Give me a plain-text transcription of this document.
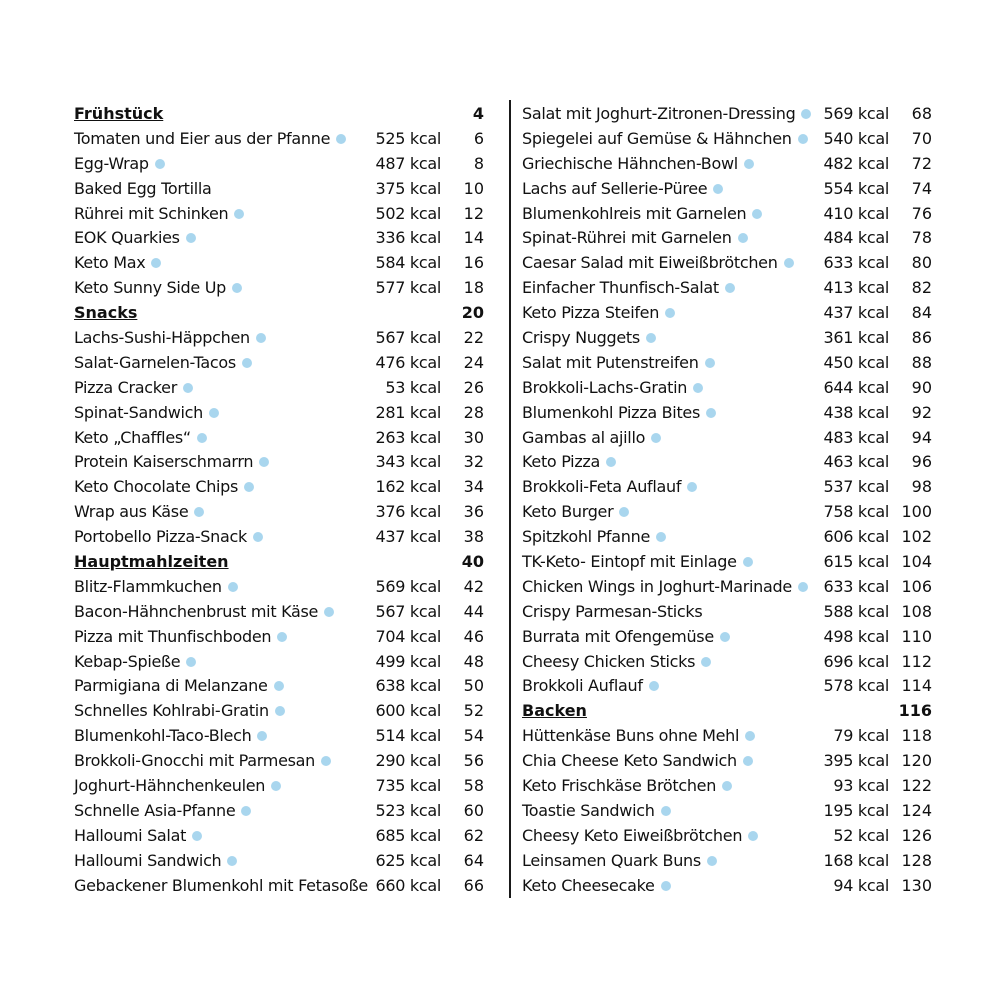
Frühstück	4
Tomaten und Eier aus der Pfanne	525 kcal 6
Egg-Wrap	487 kcal 8
Baked Egg Tortilla	375 kcal 10
Rührei mit Schinken	502 kcal 12
EOK Quarkies	336 kcal 14
Keto Max	584 kcal 16
Keto Sunny Side Up	577 kcal 18
Snacks	20
Lachs-Sushi-Häppchen	567 kcal 22
Salat-Garnelen-Tacos	476 kcal 24
Pizza Cracker	53 kcal 26
Spinat-Sandwich	281 kcal 28
Keto „Chaffles“	263 kcal 30
Protein Kaiserschmarrn	343 kcal 32
Keto Chocolate Chips	162 kcal 34
Wrap aus Käse	376 kcal 36
Portobello Pizza-Snack	437 kcal 38
Hauptmahlzeiten	40
Blitz-Flammkuchen	569 kcal 42
Bacon-Hähnchenbrust mit Käse	567 kcal 44
Pizza mit Thunfischboden	704 kcal 46
Kebap-Spieße	499 kcal 48
Parmigiana di Melanzane	638 kcal 50
Schnelles Kohlrabi-Gratin	600 kcal 52
Blumenkohl-Taco-Blech	514 kcal 54
Brokkoli-Gnocchi mit Parmesan	290 kcal 56
Joghurt-Hähnchenkeulen	735 kcal 58
Schnelle Asia-Pfanne	523 kcal 60
Halloumi Salat	685 kcal 62
Halloumi Sandwich	625 kcal 64
Gebackener Blumenkohl mit Fetasoße 660 kcal 66
Salat mit Joghurt-Zitronen-Dressing	569 kcal 68
Spiegelei auf Gemüse & Hähnchen	540 kcal 70
Griechische Hähnchen-Bowl	482 kcal 72
Lachs auf Sellerie-Püree	554 kcal 74
Blumenkohlreis mit Garnelen	410 kcal 76
Spinat-Rührei mit Garnelen	484 kcal 78
Caesar Salad mit Eiweißbrötchen	633 kcal 80
Einfacher Thunfisch-Salat	413 kcal 82
Keto Pizza Steifen	437 kcal 84
Crispy Nuggets	361 kcal 86
Salat mit Putenstreifen	450 kcal 88
Brokkoli-Lachs-Gratin	644 kcal 90
Blumenkohl Pizza Bites	438 kcal 92
Gambas al ajillo	483 kcal 94
Keto Pizza	463 kcal 96
Brokkoli-Feta Auflauf	537 kcal 98
Keto Burger	758 kcal 100
Spitzkohl Pfanne	606 kcal 102
TK-Keto- Eintopf mit Einlage	615 kcal 104
Chicken Wings in Joghurt-Marinade	633 kcal 106
Crispy Parmesan-Sticks	588 kcal 108
Burrata mit Ofengemüse	498 kcal 110
Cheesy Chicken Sticks	696 kcal 112
Brokkoli Auflauf	578 kcal 114
Backen	116
Hüttenkäse Buns ohne Mehl	79 kcal 118
Chia Cheese Keto Sandwich	395 kcal 120
Keto Frischkäse Brötchen	93 kcal 122
Toastie Sandwich	195 kcal 124
Cheesy Keto Eiweißbrötchen	52 kcal 126
Leinsamen Quark Buns	168 kcal 128
Keto Cheesecake	94 kcal 130
